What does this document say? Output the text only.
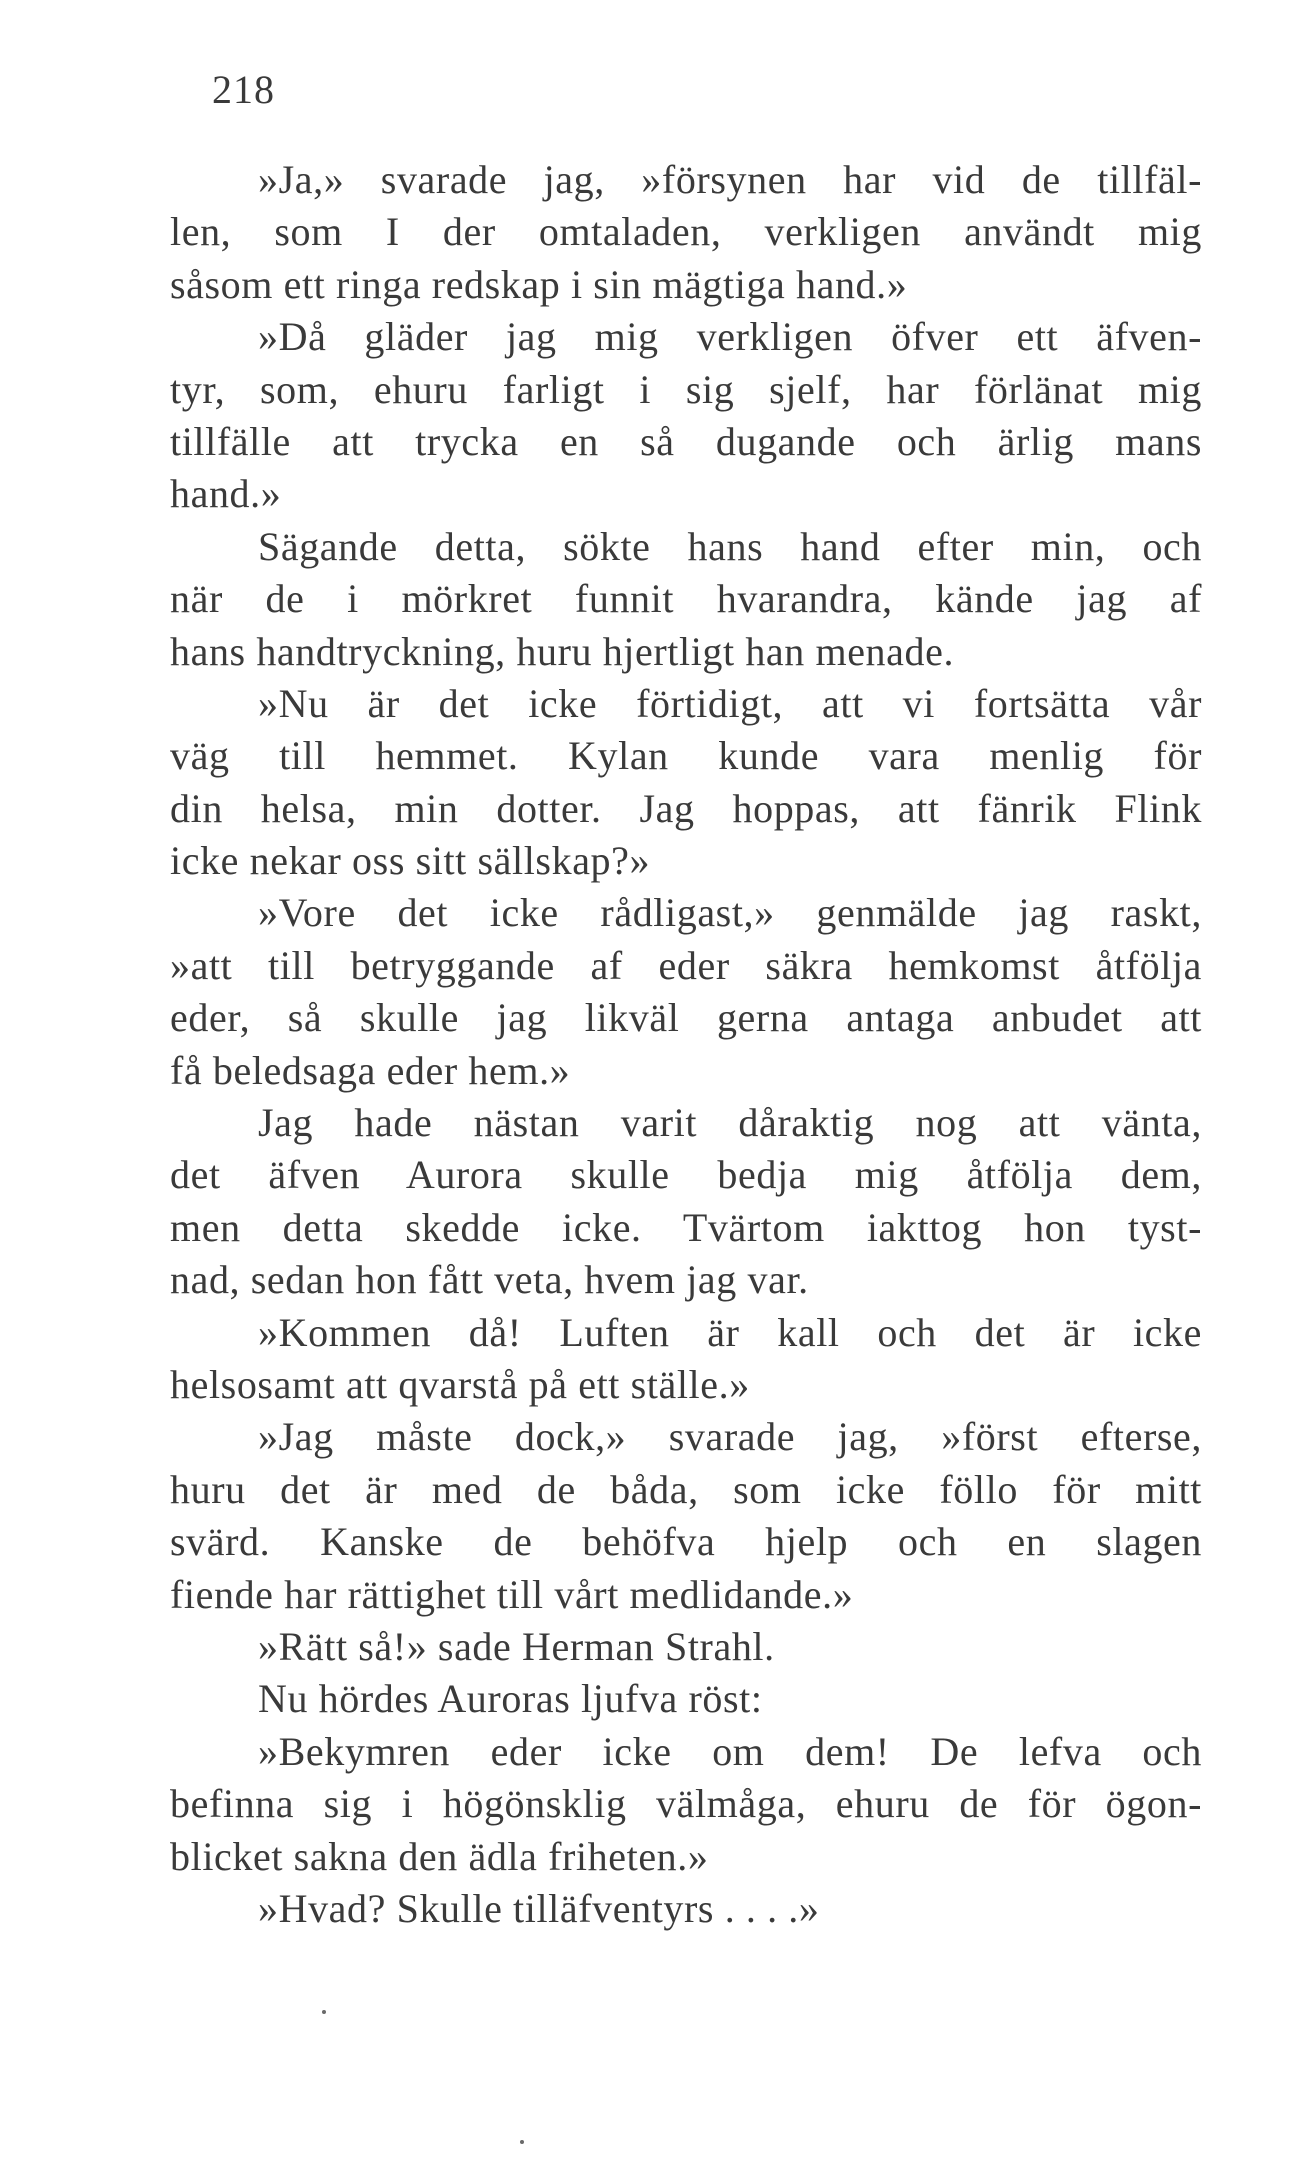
218
»Ja,» svarade jag, »försynen har vid de tillfäl-
len, som I der omtaladen, verkligen användt mig
såsom ett ringa redskap i sin mägtiga hand.»
»Då gläder jag mig verkligen öfver ett äfven-
tyr, som, ehuru farligt i sig sjelf, har förlänat mig
tillfälle att trycka en så dugande och ärlig mans
hand.»
Sägande detta, sökte hans hand efter min, och
när de i mörkret funnit hvarandra, kände jag af
hans handtryckning, huru hjertligt han menade.
»Nu är det icke förtidigt, att vi fortsätta vår
väg till hemmet. Kylan kunde vara menlig för
din helsa, min dotter. Jag hoppas, att fänrik Flink
icke nekar oss sitt sällskap?»
»Vore det icke rådligast,» genmälde jag raskt,
»att till betryggande af eder säkra hemkomst åtfölja
eder, så skulle jag likväl gerna antaga anbudet att
få beledsaga eder hem.»
Jag hade nästan varit dåraktig nog att vänta,
det äfven Aurora skulle bedja mig åtfölja dem,
men detta skedde icke. Tvärtom iakttog hon tyst-
nad, sedan hon fått veta, hvem jag var.
»Kommen då! Luften är kall och det är icke
helsosamt att qvarstå på ett ställe.»
»Jag måste dock,» svarade jag, »först efterse,
huru det är med de båda, som icke föllo för mitt
svärd. Kanske de behöfva hjelp och en slagen
fiende har rättighet till vårt medlidande.»
»Rätt så!» sade Herman Strahl.
Nu hördes Auroras ljufva röst:
»Bekymren eder icke om dem! De lefva och
befinna sig i högönsklig välmåga, ehuru de för ögon-
blicket sakna den ädla friheten.»
»Hvad? Skulle tilläfventyrs . . . .»
